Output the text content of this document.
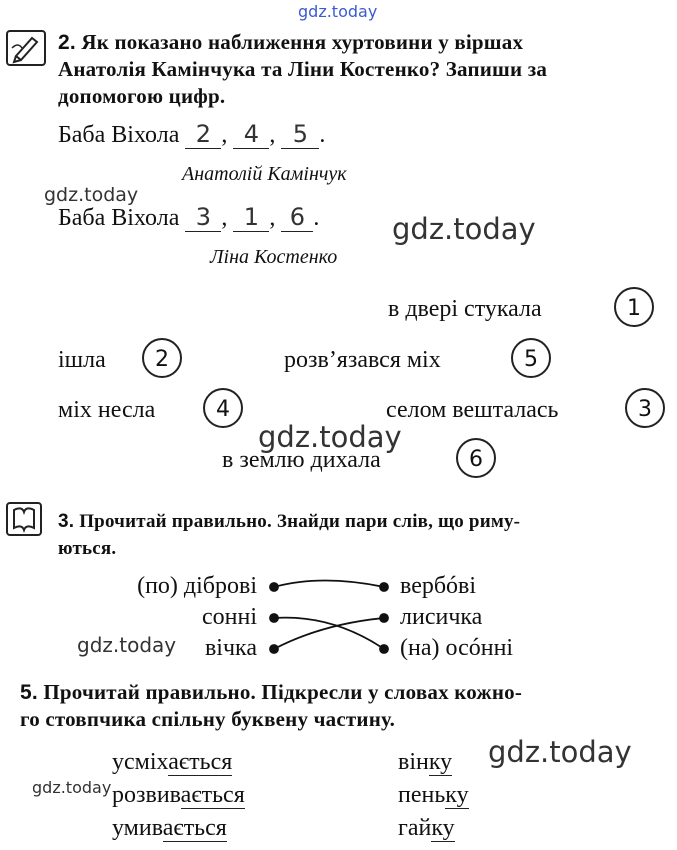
gdz.today
gdz.today
gdz.today
gdz.today
gdz.today
gdz.today
gdz.today
2. Як показано наближення хуртовини у віршах
Анатолія Камінчука та Ліни Костенко? Запиши за
допомогою цифр.
Баба Віхола 2 , 4 , 5 .
Анатолій Камінчук
Баба Віхола 3 , 1 , 6 .
Ліна Костенко
в двері стукала	1
ішла	2	розв’язався міх	5
міх несла	4	селом вешталась	3
в землю дихала	6
3. Прочитай правильно. Знайди пари слів, що риму-
ються.
(по) діброві
сонні
вічка
вербóві
лисичка
(на) осóнні
5. Прочитай правильно. Підкресли у словах кожно-
го стовпчика спільну буквену частину.
усміхається
розвивається
умивається
вінку
пеньку
гайку
